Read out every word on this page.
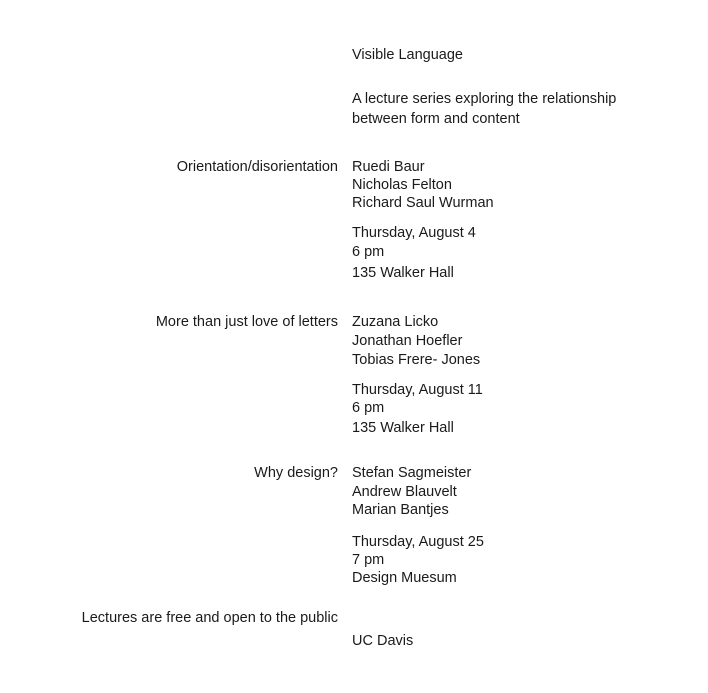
Visible Language
A lecture series exploring the relationship
between form and content
Orientation/disorientation Ruedi Baur
Nicholas Felton
Richard Saul Wurman
Thursday, August 4
6 pm
135 Walker Hall
More than just love of letters Zuzana Licko
Jonathan Hoefler
Tobias Frere- Jones
Thursday, August 11
6 pm
135 Walker Hall
Why design? Stefan Sagmeister
Andrew Blauvelt
Marian Bantjes
Thursday, August 25
7 pm
Design Muesum
Lectures are free and open to the public
UC Davis
